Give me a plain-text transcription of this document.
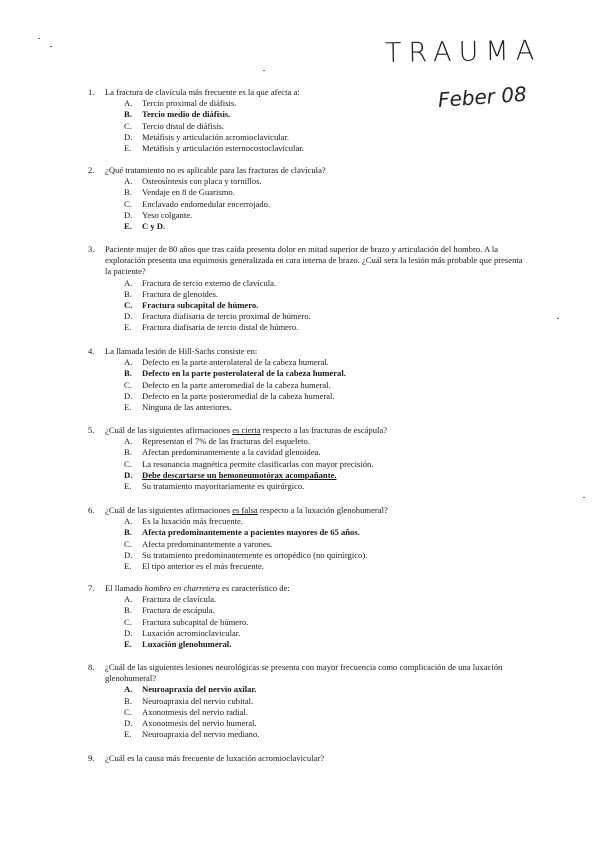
TRAUMA
Feber 08
1. La fractura de clavícula más frecuente es la que afecta a:
A. Tercio proximal de diáfisis.
B. Tercio medio de diáfisis.
C. Tercio distal de diáfisis.
D. Metáfisis y articulación acromioclavicular.
E. Metáfisis y articulación esternocostoclavicular.
2. ¿Qué tratamiento no es aplicable para las fracturas de clavícula?
A. Osteosíntesis con placa y tornillos.
B. Vendaje en 8 de Guarismo.
C. Enclavado endomedular encerrojado.
D. Yeso colgante.
E. C y D.
3. Paciente mujer de 80 años que tras caída presenta dolor en mitad superior de brazo y articulación del hombro. A la exploración presenta una equimosis generalizada en cara interna de brazo. ¿Cuál sera la lesión más probable que presenta la paciente?
A. Fractura de tercio externo de clavícula.
B. Fractura de glenoides.
C. Fractura subcapital de húmero.
D. Fractura diafisaria de tercio proximal de húmero.
E. Fractura diafisaria de tercio distal de húmero.
4. La llamada lesión de Hill-Sachs consiste en:
A. Defecto en la parte anterolateral de la cabeza humeral.
B. Defecto en la parte posterolateral de la cabeza humeral.
C. Defecto en la parte anteromedial de la cabeza humeral.
D. Defecto en la parte posteromedial de la cabeza humeral.
E. Ninguna de las anteriores.
5. ¿Cuál de las siguientes afirmaciones es cierta respecto a las fracturas de escápula?
A. Representan el 7% de las fracturas del esqueleto.
B. Afectan predominantemente a la cavidad glenoidea.
C. La resonancia magnética permite clasificarlas con mayor precisión.
D. Debe descartarse un hemoneumotórax acompañante.
E. Su tratamiento mayoritariamente es quirúrgico.
6. ¿Cuál de las siguientes afirmaciones es falsa respecto a la luxación glenohumeral?
A. Es la luxación más frecuente.
B. Afecta predominantemente a pacientes mayores de 65 años.
C. Afecta predominantemente a varones.
D. Su tratamiento predominantemente es ortopédico (no quirúrgico).
E. El tipo anterior es el más frecuente.
7. El llamado hombro en charretera es característico de:
A. Fractura de clavícula.
B. Fractura de escápula.
C. Fractura subcapital de húmero.
D. Luxación acromioclavicular.
E. Luxación glenohumeral.
8. ¿Cuál de las siguientes lesiones neurológicas se presenta con mayor frecuencia como complicación de una luxación glenohumeral?
A. Neuroapraxia del nervio axilar.
B. Neuroapraxia del nervio cubital.
C. Axonotmesis del nervio radial.
D. Axonotmesis del nervio humeral.
E. Neuroapraxia del nervio mediano.
9. ¿Cuál es la causa más frecuente de luxación acromioclavicular?
